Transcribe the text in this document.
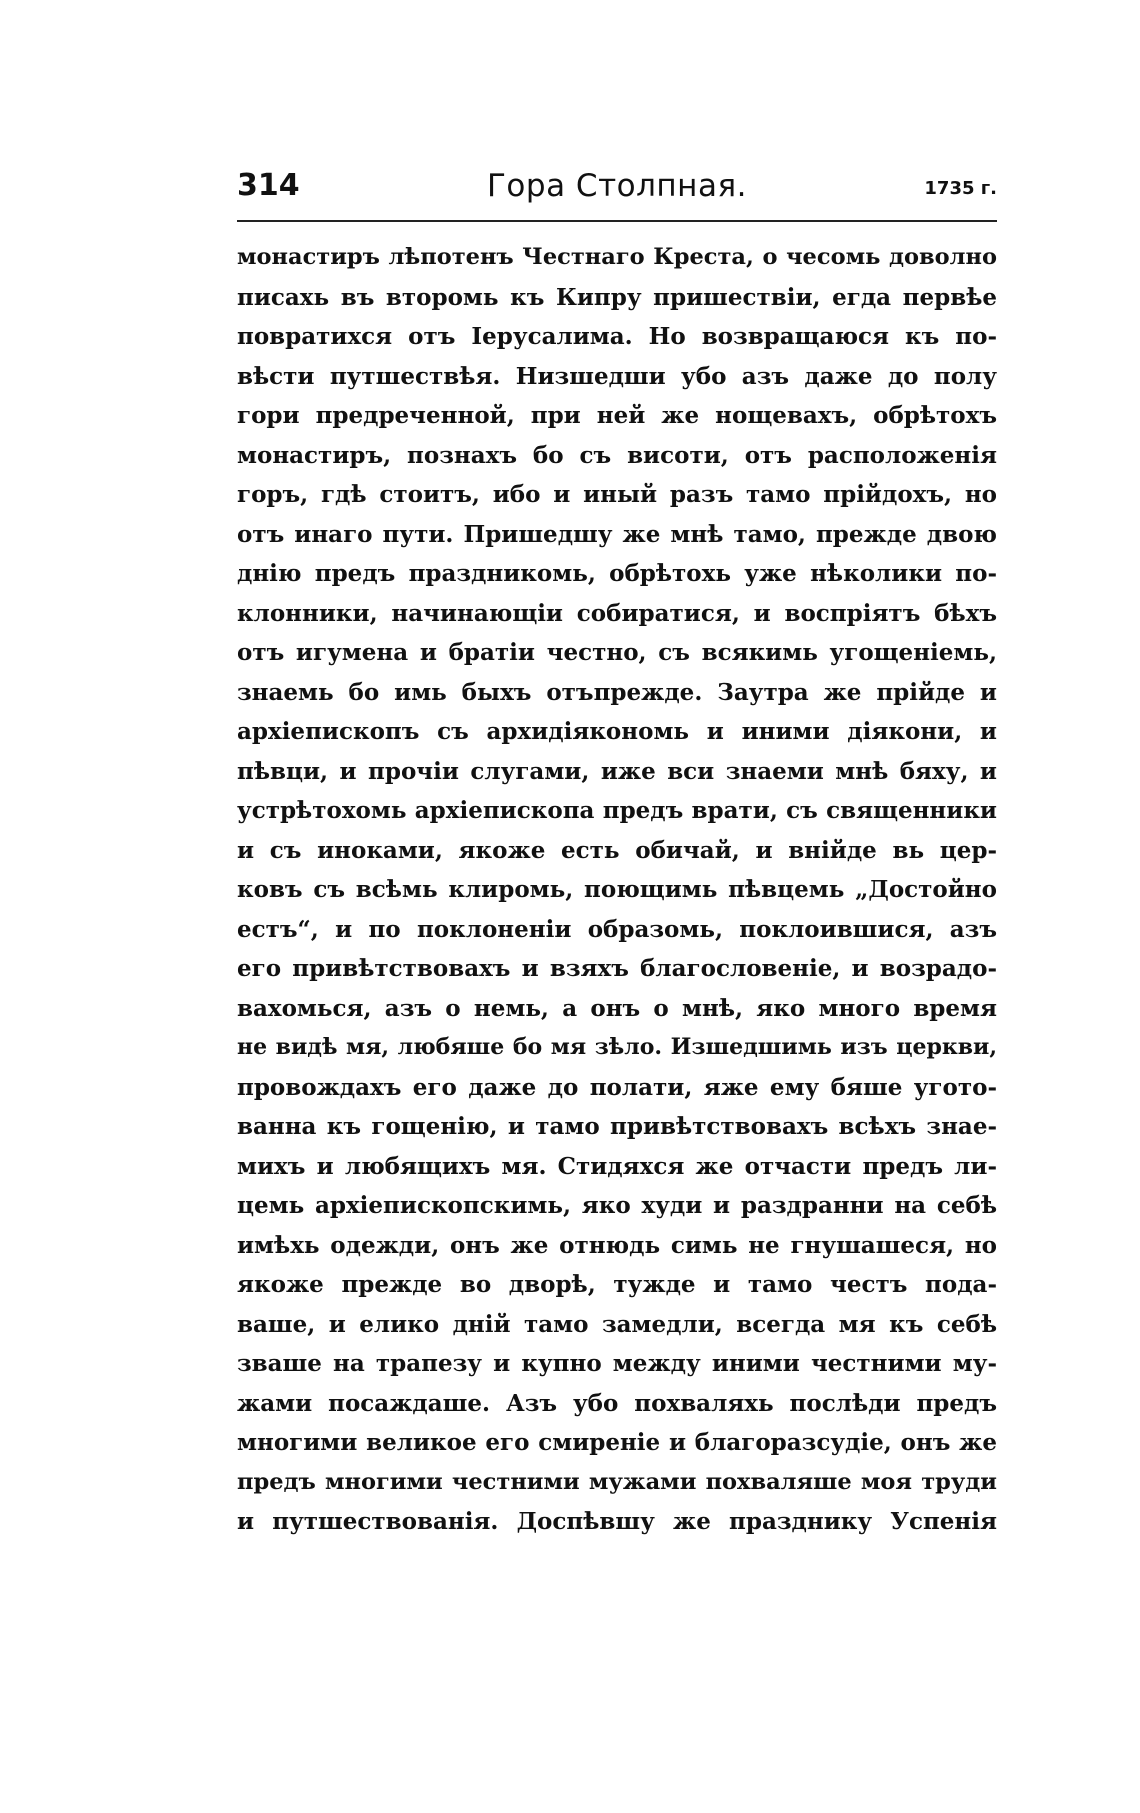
314	Гора Столпная.	1735 г.
монастиръ лѣпотенъ Честнаго Креста, о чесомь доволно
писахь въ второмь къ Кипру пришествіи, егда первѣе
повратихся отъ Іерусалима. Но возвращаюся къ по-
вѣсти путшествѣя. Низшедши убо азъ даже до полу
гори предреченной, при ней же нощевахъ, обрѣтохъ
монастиръ, познахъ бо съ висоти, отъ расположенія
горъ, гдѣ стоитъ, ибо и иный разъ тамо прійдохъ, но
отъ инаго пути. Пришедшу же мнѣ тамо, прежде двою
днію предъ праздникомь, обрѣтохь уже нѣколики по-
клонники, начинающіи собиратися, и воспріятъ бѣхъ
отъ игумена и братіи честно, съ всякимь угощеніемь,
знаемь бо имь быхъ отъпрежде. Заутра же прійде и
архіепископъ съ архидіякономь и иними діякони, и
пѣвци, и прочіи слугами, иже вси знаеми мнѣ бяху, и
устрѣтохомь архіепископа предъ врати, съ священники
и съ иноками, якоже есть обичай, и внійде вь цер-
ковъ съ всѣмь клиромь, поющимь пѣвцемь „Достойно
естъ“, и по поклоненіи образомь, поклоившися, азъ
его привѣтствовахъ и взяхъ благословеніе, и возрадо-
вахомься, азъ о немь, а онъ о мнѣ, яко много время
не видѣ мя, любяше бо мя зѣло. Изшедшимь изъ церкви,
провождахъ его даже до полати, яже ему бяше угото-
ванна къ гощенію, и тамо привѣтствовахъ всѣхъ знае-
михъ и любящихъ мя. Стидяхся же отчасти предъ ли-
цемь архіепископскимь, яко худи и раздранни на себѣ
имѣхь одежди, онъ же отнюдь симь не гнушашеся, но
якоже прежде во дворѣ, тужде и тамо честъ пода-
ваше, и елико дній тамо замедли, всегда мя къ себѣ
зваше на трапезу и купно между иними честними му-
жами посаждаше. Азъ убо похваляхь послѣди предъ
многими великое его смиреніе и благоразсудіе, онъ же
предъ многими честними мужами похваляше моя труди
и путшествованія. Доспѣвшу же празднику Успенія
